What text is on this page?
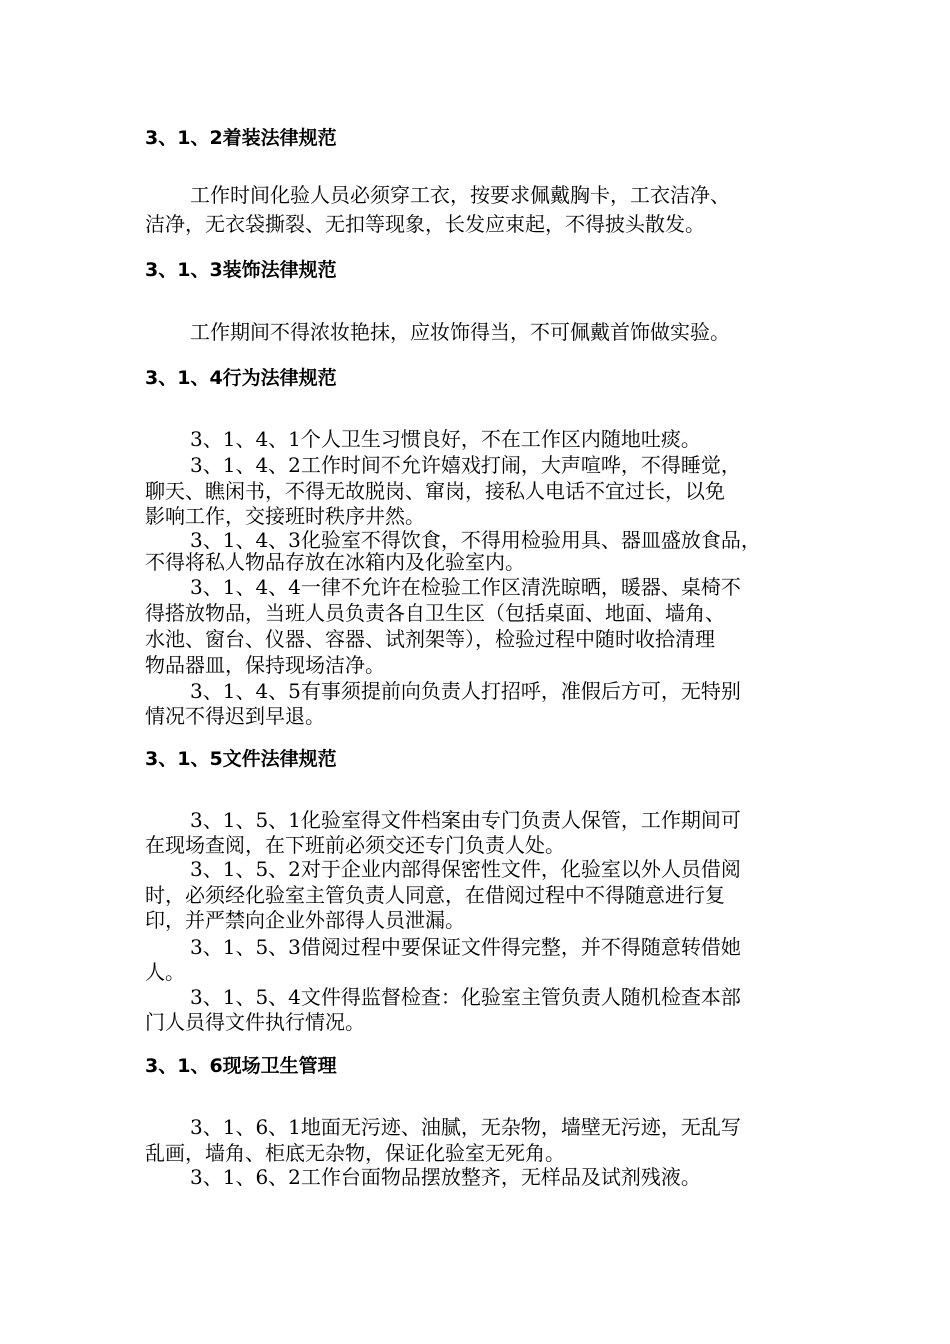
3、1、2着装法律规范
工作时间化验人员必须穿工衣，按要求佩戴胸卡，工衣洁净、
洁净，无衣袋撕裂、无扣等现象，长发应束起，不得披头散发。
3、1、3装饰法律规范
工作期间不得浓妆艳抹，应妆饰得当，不可佩戴首饰做实验。
3、1、4行为法律规范
3、1、4、1个人卫生习惯良好，不在工作区内随地吐痰。
3、1、4、2工作时间不允许嬉戏打闹，大声喧哗，不得睡觉，
聊天、瞧闲书，不得无故脱岗、窜岗，接私人电话不宜过长，以免
影响工作，交接班时秩序井然。
3、1、4、3化验室不得饮食，不得用检验用具、器皿盛放食品，
不得将私人物品存放在冰箱内及化验室内。
3、1、4、4一律不允许在检验工作区清洗晾晒，暖器、桌椅不
得搭放物品，当班人员负责各自卫生区（包括桌面、地面、墙角、
水池、窗台、仪器、容器、试剂架等），检验过程中随时收拾清理
物品器皿，保持现场洁净。
3、1、4、5有事须提前向负责人打招呼，准假后方可，无特别
情况不得迟到早退。
3、1、5文件法律规范
3、1、5、1化验室得文件档案由专门负责人保管，工作期间可
在现场查阅，在下班前必须交还专门负责人处。
3、1、5、2对于企业内部得保密性文件，化验室以外人员借阅
时，必须经化验室主管负责人同意，在借阅过程中不得随意进行复
印，并严禁向企业外部得人员泄漏。
3、1、5、3借阅过程中要保证文件得完整，并不得随意转借她
人。
3、1、5、4文件得监督检查：化验室主管负责人随机检查本部
门人员得文件执行情况。
3、1、6现场卫生管理
3、1、6、1地面无污迹、油腻，无杂物，墙壁无污迹，无乱写
乱画，墙角、柜底无杂物，保证化验室无死角。
3、1、6、2工作台面物品摆放整齐，无样品及试剂残液。
